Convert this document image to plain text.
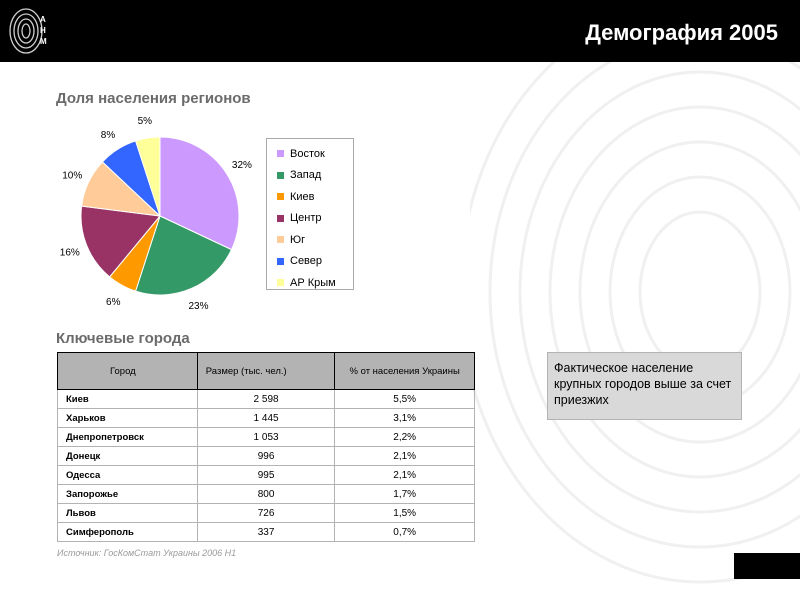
А
Н
М	Демография 2005
Доля населения регионов
32%
23%
6%
16%
10%
8%
5%
Восток
Запад
Киев
Центр
Юг
Север
АР Крым
Ключевые города
Город	Размер (тыс. чел.)	% от населения Украины
Киев	2 598	5,5%
Харьков	1 445	3,1%
Днепропетровск	1 053	2,2%
Донецк	996	2,1%
Одесса	995	2,1%
Запорожье	800	1,7%
Львов	726	1,5%
Симферополь	337	0,7%
Источник: ГосКомСтат Украины 2006 Н1
Фактическое население крупных городов выше за счет приезжих
